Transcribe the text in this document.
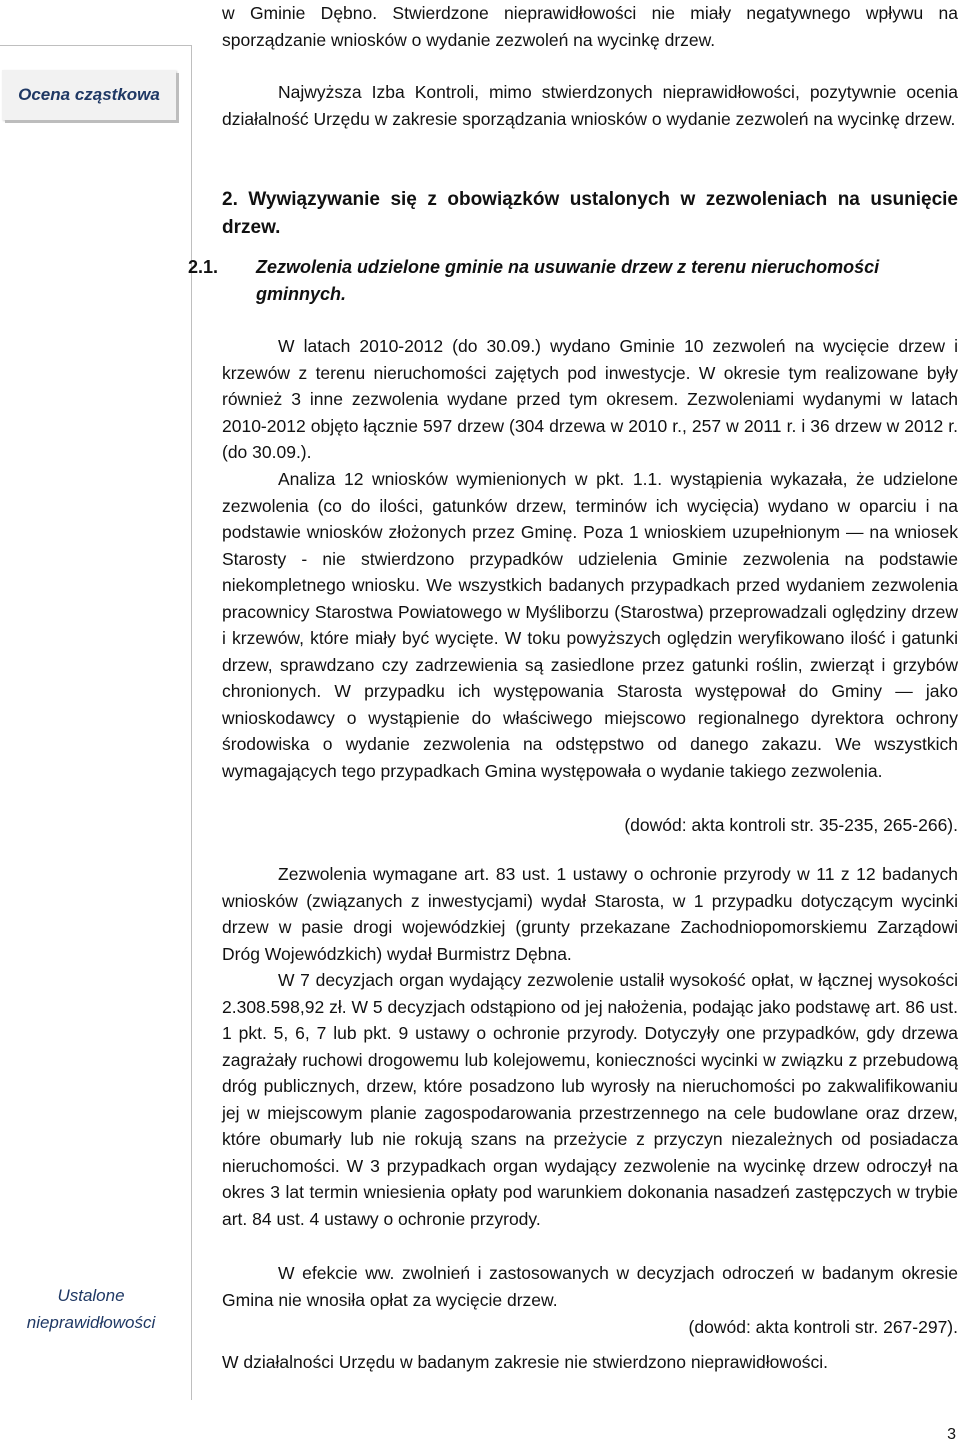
Ocena cząstkowa
Ustalone
nieprawidłowości

w Gminie Dębno. Stwierdzone nieprawidłowości nie miały negatywnego wpływu na sporządzanie wniosków o wydanie zezwoleń na wycinkę drzew.

Najwyższa Izba Kontroli, mimo stwierdzonych nieprawidłowości, pozytywnie ocenia działalność Urzędu w zakresie sporządzania wniosków o wydanie zezwoleń na wycinkę drzew.

2. Wywiązywanie się z obowiązków ustalonych w zezwoleniach na usunięcie drzew.

2.1. Zezwolenia udzielone gminie na usuwanie drzew z terenu nieruchomości gminnych.

W latach 2010-2012 (do 30.09.) wydano Gminie 10 zezwoleń na wycięcie drzew i krzewów z terenu nieruchomości zajętych pod inwestycje. W okresie tym realizowane były również 3 inne zezwolenia wydane przed tym okresem. Zezwoleniami wydanymi w latach 2010-2012 objęto łącznie 597 drzew (304 drzewa w 2010 r., 257 w 2011 r. i 36 drzew w 2012 r. (do 30.09.).

Analiza 12 wniosków wymienionych w pkt. 1.1. wystąpienia wykazała, że udzielone zezwolenia (co do ilości, gatunków drzew, terminów ich wycięcia) wydano w oparciu i na podstawie wniosków złożonych przez Gminę. Poza 1 wnioskiem uzupełnionym — na wniosek Starosty - nie stwierdzono przypadków udzielenia Gminie zezwolenia na podstawie niekompletnego wniosku. We wszystkich badanych przypadkach przed wydaniem zezwolenia pracownicy Starostwa Powiatowego w Myśliborzu (Starostwa) przeprowadzali oględziny drzew i krzewów, które miały być wycięte. W toku powyższych oględzin weryfikowano ilość i gatunki drzew, sprawdzano czy zadrzewienia są zasiedlone przez gatunki roślin, zwierząt i grzybów chronionych. W przypadku ich występowania Starosta występował do Gminy — jako wnioskodawcy o wystąpienie do właściwego miejscowo regionalnego dyrektora ochrony środowiska o wydanie zezwolenia na odstępstwo od danego zakazu. We wszystkich wymagających tego przypadkach Gmina występowała o wydanie takiego zezwolenia.

(dowód: akta kontroli str. 35-235, 265-266).

Zezwolenia wymagane art. 83 ust. 1 ustawy o ochronie przyrody w 11 z 12 badanych wniosków (związanych z inwestycjami) wydał Starosta, w 1 przypadku dotyczącym wycinki drzew w pasie drogi wojewódzkiej (grunty przekazane Zachodniopomorskiemu Zarządowi Dróg Wojewódzkich) wydał Burmistrz Dębna.

W 7 decyzjach organ wydający zezwolenie ustalił wysokość opłat, w łącznej wysokości 2.308.598,92 zł. W 5 decyzjach odstąpiono od jej nałożenia, podając jako podstawę art. 86 ust. 1 pkt. 5, 6, 7 lub pkt. 9 ustawy o ochronie przyrody. Dotyczyły one przypadków, gdy drzewa zagrażały ruchowi drogowemu lub kolejowemu, konieczności wycinki w związku z przebudową dróg publicznych, drzew, które posadzono lub wyrosły na nieruchomości po zakwalifikowaniu jej w miejscowym planie zagospodarowania przestrzennego na cele budowlane oraz drzew, które obumarły lub nie rokują szans na przeżycie z przyczyn niezależnych od posiadacza nieruchomości. W 3 przypadkach organ wydający zezwolenie na wycinkę drzew odroczył na okres 3 lat termin wniesienia opłaty pod warunkiem dokonania nasadzeń zastępczych w trybie art. 84 ust. 4 ustawy o ochronie przyrody.

W efekcie ww. zwolnień i zastosowanych w decyzjach odroczeń w badanym okresie Gmina nie wnosiła opłat za wycięcie drzew.

(dowód: akta kontroli str. 267-297).

W działalności Urzędu w badanym zakresie nie stwierdzono nieprawidłowości.

3
